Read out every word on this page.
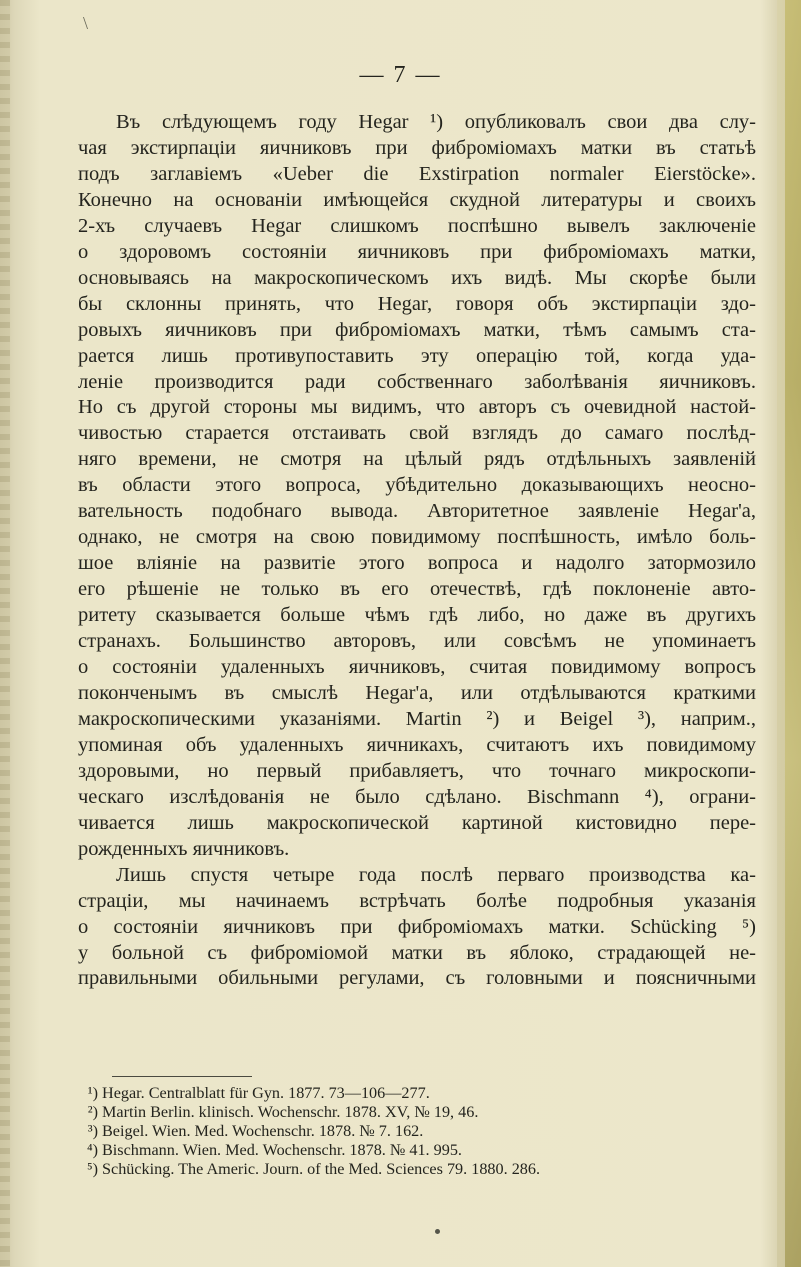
\
— 7 —
Въ слѣдующемъ году Hegar ¹) опубликовалъ свои два слу-
чая экстирпаціи яичниковъ при фиброміомахъ матки въ статьѣ
подъ заглавіемъ «Ueber die Exstirpation normaler Eierstöcke».
Конечно на основаніи имѣющейся скудной литературы и своихъ
2-хъ случаевъ Hegar слишкомъ поспѣшно вывелъ заключеніе
о здоровомъ состояніи яичниковъ при фиброміомахъ матки,
основываясь на макроскопическомъ ихъ видѣ. Мы скорѣе были
бы склонны принять, что Hegar, говоря объ экстирпаціи здо-
ровыхъ яичниковъ при фиброміомахъ матки, тѣмъ самымъ ста-
рается лишь противупоставить эту операцію той, когда уда-
леніе производится ради собственнаго заболѣванія яичниковъ.
Но съ другой стороны мы видимъ, что авторъ съ очевидной настой-
чивостью старается отстаивать свой взглядъ до самаго послѣд-
няго времени, не смотря на цѣлый рядъ отдѣльныхъ заявленій
въ области этого вопроса, убѣдительно доказывающихъ неосно-
вательность подобнаго вывода. Авторитетное заявленіе Hegar'a,
однако, не смотря на свою повидимому поспѣшность, имѣло боль-
шое вліяніе на развитіе этого вопроса и надолго затормозило
его рѣшеніе не только въ его отечествѣ, гдѣ поклоненіе авто-
ритету сказывается больше чѣмъ гдѣ либо, но даже въ другихъ
странахъ. Большинство авторовъ, или совсѣмъ не упоминаетъ
о состояніи удаленныхъ яичниковъ, считая повидимому вопросъ
поконченымъ въ смыслѣ Hegar'a, или отдѣлываются краткими
макроскопическими указаніями. Martin ²) и Beigel ³), наприм.,
упоминая объ удаленныхъ яичникахъ, считаютъ ихъ повидимому
здоровыми, но первый прибавляетъ, что точнаго микроскопи-
ческаго изслѣдованія не было сдѣлано. Bischmann ⁴), ограни-
чивается лишь макроскопической картиной кистовидно пере-
рожденныхъ яичниковъ.
Лишь спустя четыре года послѣ перваго производства ка-
страціи, мы начинаемъ встрѣчать болѣе подробныя указанія
о состояніи яичниковъ при фиброміомахъ матки. Schücking ⁵)
у больной съ фиброміомой матки въ яблоко, страдающей не-
правильными обильными регулами, съ головными и поясничными
¹) Hegar. Centralblatt für Gyn. 1877. 73—106—277.
²) Martin Berlin. klinisch. Wochenschr. 1878. XV, № 19, 46.
³) Beigel. Wien. Med. Wochenschr. 1878. № 7. 162.
⁴) Bischmann. Wien. Med. Wochenschr. 1878. № 41. 995.
⁵) Schücking. The Americ. Journ. of the Med. Sciences 79. 1880. 286.
